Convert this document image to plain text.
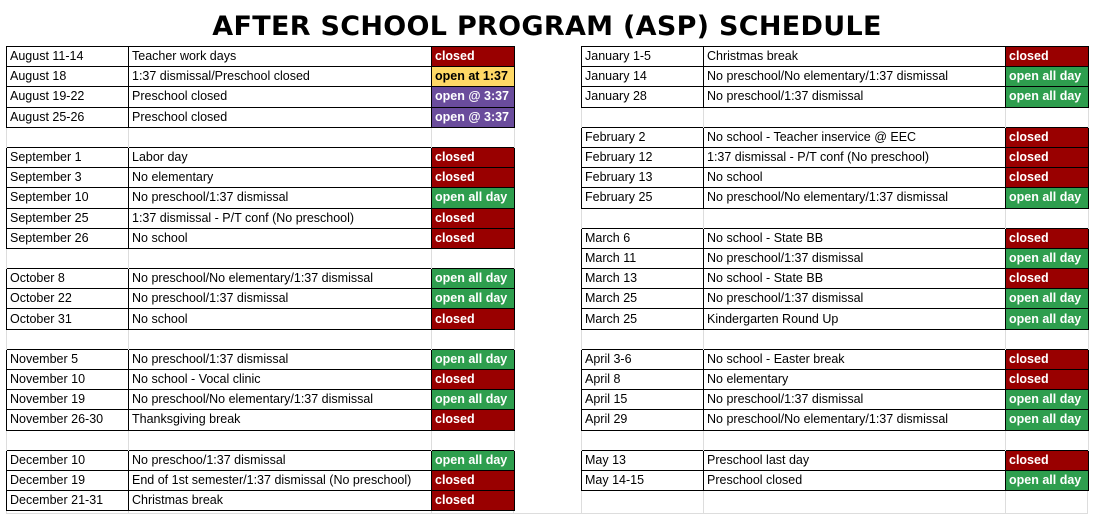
AFTER SCHOOL PROGRAM (ASP) SCHEDULE
August 11-14	Teacher work days	closed
August 18	1:37 dismissal/Preschool closed	open at 1:37
August 19-22	Preschool closed	open @ 3:37
August 25-26	Preschool closed	open @ 3:37

September 1	Labor day	closed
September 3	No elementary	closed
September 10	No preschool/1:37 dismissal	open all day
September 25	1:37 dismissal - P/T conf (No preschool)	closed
September 26	No school	closed

October 8	No preschool/No elementary/1:37 dismissal	open all day
October 22	No preschool/1:37 dismissal	open all day
October 31	No school	closed

November 5	No preschool/1:37 dismissal	open all day
November 10	No school - Vocal clinic	closed
November 19	No preschool/No elementary/1:37 dismissal	open all day
November 26-30	Thanksgiving break	closed

December 10	No preschoo/1:37 dismissal	open all day
December 19	End of 1st semester/1:37 dismissal (No preschool)	closed
December 21-31	Christmas break	closed
January 1-5	Christmas break	closed
January 14	No preschool/No elementary/1:37 dismissal	open all day
January 28	No preschool/1:37 dismissal	open all day

February 2	No school - Teacher inservice @ EEC	closed
February 12	1:37 dismissal - P/T conf (No preschool)	closed
February 13	No school	closed
February 25	No preschool/No elementary/1:37 dismissal	open all day

March 6	No school - State BB	closed
March 11	No preschool/1:37 dismissal	open all day
March 13	No school - State BB	closed
March 25	No preschool/1:37 dismissal	open all day
March 25	Kindergarten Round Up	open all day

April 3-6	No school - Easter break	closed
April 8	No elementary	closed
April 15	No preschool/1:37 dismissal	open all day
April 29	No preschool/No elementary/1:37 dismissal	open all day

May 13	Preschool last day	closed
May 14-15	Preschool closed	open all day
